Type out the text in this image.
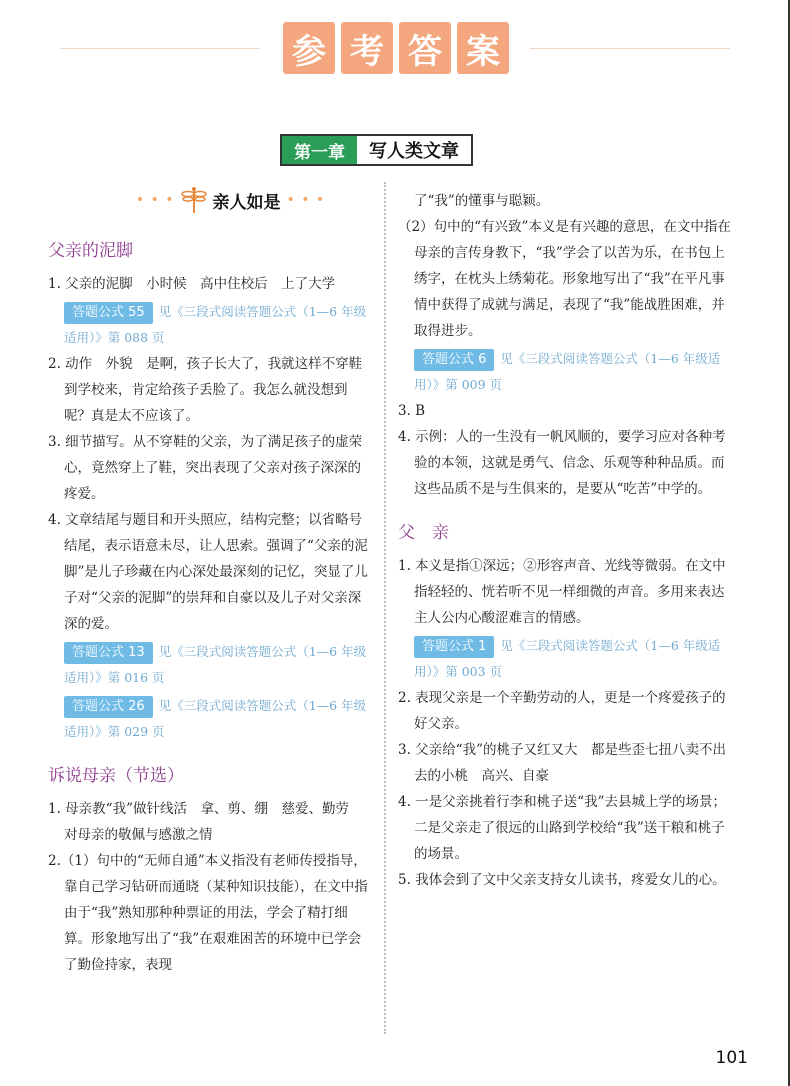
参 考 答 案
第一章	写人类文章
• • • 亲人如是 • • •
父亲的泥脚
1. 父亲的泥脚　小时候　高中住校后　上了大学
答题公式 55 见《三段式阅读答题公式（1—6 年级适用）》第 088 页
2. 动作　外貌　是啊，孩子长大了，我就这样不穿鞋到学校来，肯定给孩子丢脸了。我怎么就没想到呢？真是太不应该了。
3. 细节描写。从不穿鞋的父亲，为了满足孩子的虚荣心，竟然穿上了鞋，突出表现了父亲对孩子深深的疼爱。
4. 文章结尾与题目和开头照应，结构完整；以省略号结尾，表示语意未尽，让人思索。强调了“父亲的泥脚”是儿子珍藏在内心深处最深刻的记忆，突显了儿子对“父亲的泥脚”的崇拜和自豪以及儿子对父亲深深的爱。
答题公式 13 见《三段式阅读答题公式（1—6 年级适用）》第 016 页
答题公式 26 见《三段式阅读答题公式（1—6 年级适用）》第 029 页
诉说母亲（节选）
1. 母亲教“我”做针线活　拿、剪、绷　慈爱、勤劳　对母亲的敬佩与感激之情
2.（1）句中的“无师自通”本义指没有老师传授指导，靠自己学习钻研而通晓（某种知识技能），在文中指由于“我”熟知那种种票证的用法，学会了精打细算。形象地写出了“我”在艰难困苦的环境中已学会了勤俭持家，表现
了“我”的懂事与聪颖。
（2）句中的“有兴致”本义是有兴趣的意思，在文中指在母亲的言传身教下，“我”学会了以苦为乐，在书包上绣字，在枕头上绣菊花。形象地写出了“我”在平凡事情中获得了成就与满足，表现了“我”能战胜困难，并取得进步。
答题公式 6 见《三段式阅读答题公式（1—6 年级适用）》第 009 页
3. B
4. 示例：人的一生没有一帆风顺的，要学习应对各种考验的本领，这就是勇气、信念、乐观等种种品质。而这些品质不是与生俱来的，是要从“吃苦”中学的。
父　亲
1. 本义是指①深远；②形容声音、光线等微弱。在文中指轻轻的、恍若听不见一样细微的声音。多用来表达主人公内心酸涩难言的情感。
答题公式 1 见《三段式阅读答题公式（1—6 年级适用）》第 003 页
2. 表现父亲是一个辛勤劳动的人，更是一个疼爱孩子的好父亲。
3. 父亲给“我”的桃子又红又大　都是些歪七扭八卖不出去的小桃　高兴、自豪
4. 一是父亲挑着行李和桃子送“我”去县城上学的场景；二是父亲走了很远的山路到学校给“我”送干粮和桃子的场景。
5. 我体会到了文中父亲支持女儿读书，疼爱女儿的心。
101
